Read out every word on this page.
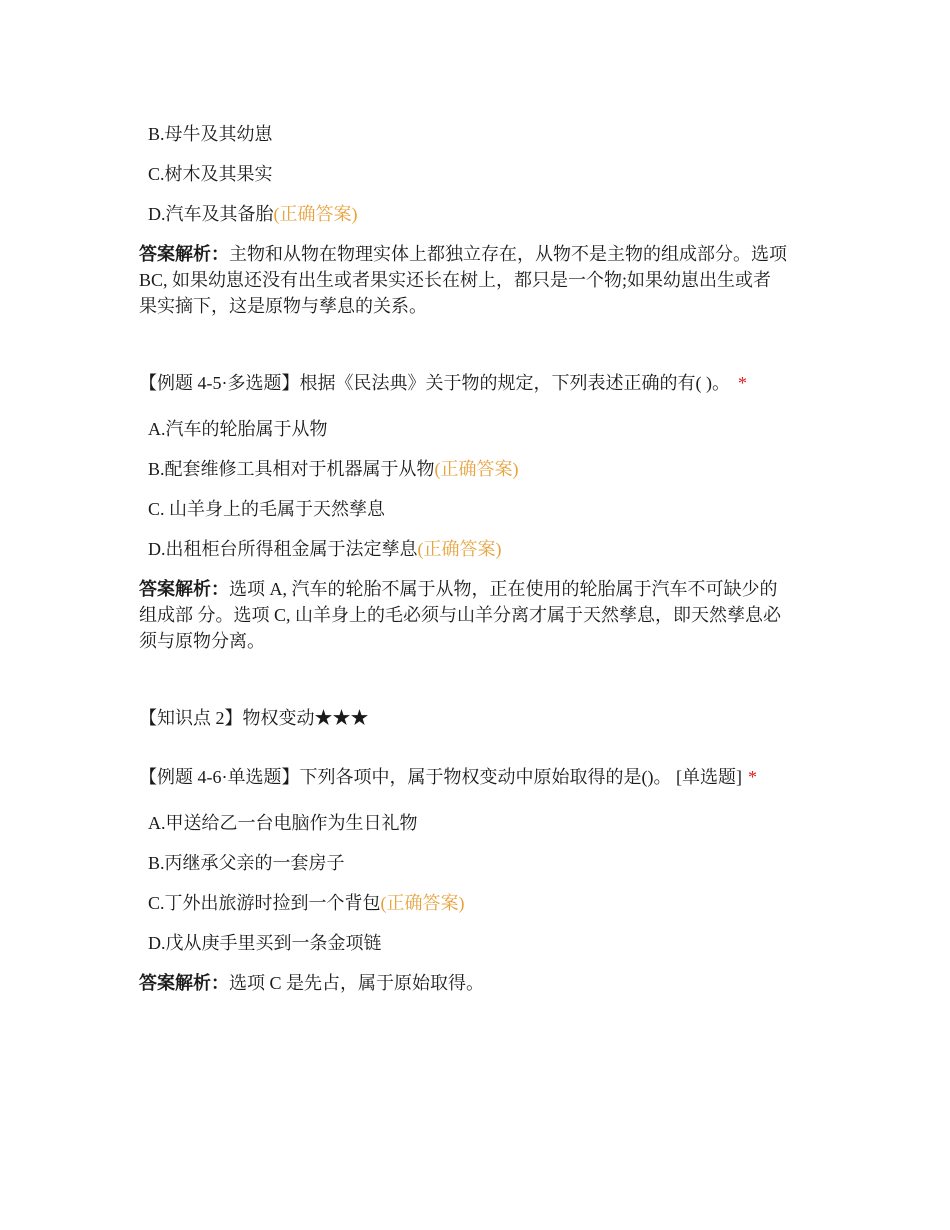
B.母牛及其幼崽
C.树木及其果实
D.汽车及其备胎(正确答案)
答案解析：主物和从物在物理实体上都独立存在，从物不是主物的组成部分。选项
BC, 如果幼崽还没有出生或者果实还长在树上，都只是一个物;如果幼崽出生或者
果实摘下，这是原物与孳息的关系。
【例题 4-5·多选题】根据《民法典》关于物的规定，下列表述正确的有( )。 *
A.汽车的轮胎属于从物
B.配套维修工具相对于机器属于从物(正确答案)
C. 山羊身上的毛属于天然孳息
D.出租柜台所得租金属于法定孳息(正确答案)
答案解析：选项 A, 汽车的轮胎不属于从物，正在使用的轮胎属于汽车不可缺少的
组成部 分。选项 C, 山羊身上的毛必须与山羊分离才属于天然孳息，即天然孳息必
须与原物分离。
【知识点 2】物权变动★★★
【例题 4-6·单选题】下列各项中，属于物权变动中原始取得的是()。 [单选题] *
A.甲送给乙一台电脑作为生日礼物
B.丙继承父亲的一套房子
C.丁外出旅游时捡到一个背包(正确答案)
D.戊从庚手里买到一条金项链
答案解析：选项 C 是先占，属于原始取得。
